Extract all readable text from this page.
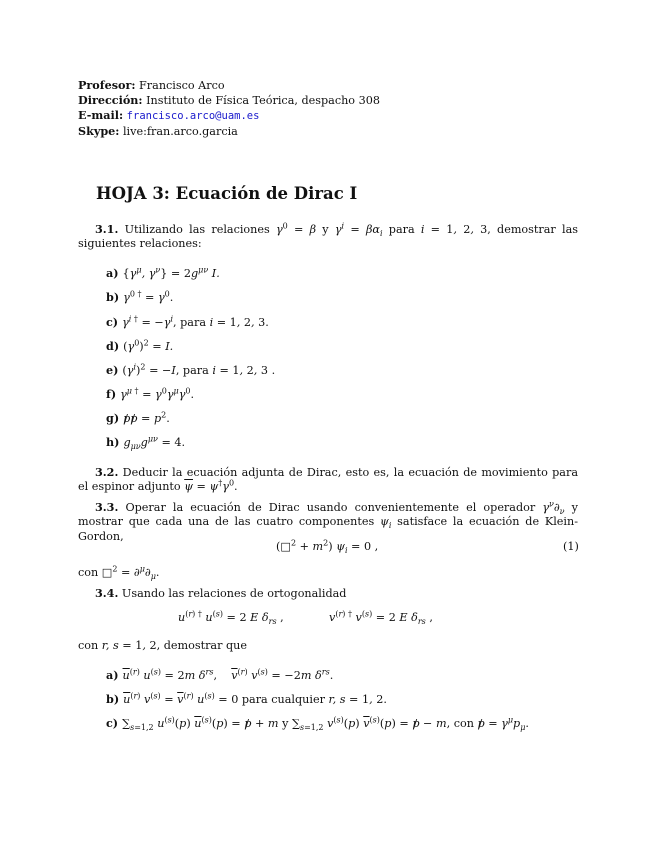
Profesor: Francisco Arco
Dirección: Instituto de Física Teórica, despacho 308
E-mail: francisco.arco@uam.es
Skype: live:fran.arco.garcia
HOJA 3: Ecuación de Dirac I
3.1. Utilizando las relaciones $\gamma^0 = \beta$ y $\gamma^i = \beta\alpha_i$ para i = 1, 2, 3, demostrar las siguientes relaciones:
a) {$\gamma^\mu$, $\gamma^\nu\} = 2g^{\mu\nu}$ I.
b) $\gamma^{0 \dagger} = \gamma^0$.
c) $\gamma^{i \dagger} = -\gamma^i$, para i = 1, 2, 3.
d) $(\gamma^0)^2 = I$.
e) $(\gamma^i)^2 = -I$, para i = 1, 2, 3 .
f) $\gamma^{\mu \dagger} = \gamma^0\gamma^\mu\gamma^0$.
g) p /p / = $p^2$.
h) $g_{\mu\nu}g^{\mu\nu} = 4$.
3.2. Deducir la ecuación adjunta de Dirac, esto es, la ecuación de movimiento para el espinor adjunto $\overline{\psi} = \psi^\dagger\gamma^0$.
3.3. Operar la ecuación de Dirac usando convenientemente el operador $\gamma^\nu\partial_\nu$ y mostrar que cada una de las cuatro componentes $\psi_i$ satisface la ecuación de Klein-Gordon,
(□$^2$ + $m^2$) $\psi_i = 0$ ,	(1)
con □$^2$ = $\partial^\mu\partial_\mu$.
3.4. Usando las relaciones de ortogonalidad
$u^{(r) \dagger}$ $u^{(s)} = 2$ E $\delta_{rs}$ ,	$v^{(r) \dagger}$ $v^{(s)} = 2$ E $\delta_{rs}$ ,
con r, s = 1, 2, demostrar que
a) $\overline{u}^{(r)}$ $u^{(s)} = 2m$ $\delta^{rs}$,    $\overline{v}^{(r)}$ $v^{(s)} = -2m$ $\delta^{rs}$.
b) $\overline{u}^{(r)}$ $v^{(s)} = \overline{v}^{(r)}$ $u^{(s)} = 0$ para cualquier r, s = 1, 2.
c) $\sum_{s=1,2}$ $u^{(s)}(p) \overline{u}^{(s)}(p) = p$ / + m y $\sum_{s=1,2}$ $v^{(s)}(p) \overline{v}^{(s)}(p) = p$ / − m, con p / = $\gamma^\mu p_\mu$.
